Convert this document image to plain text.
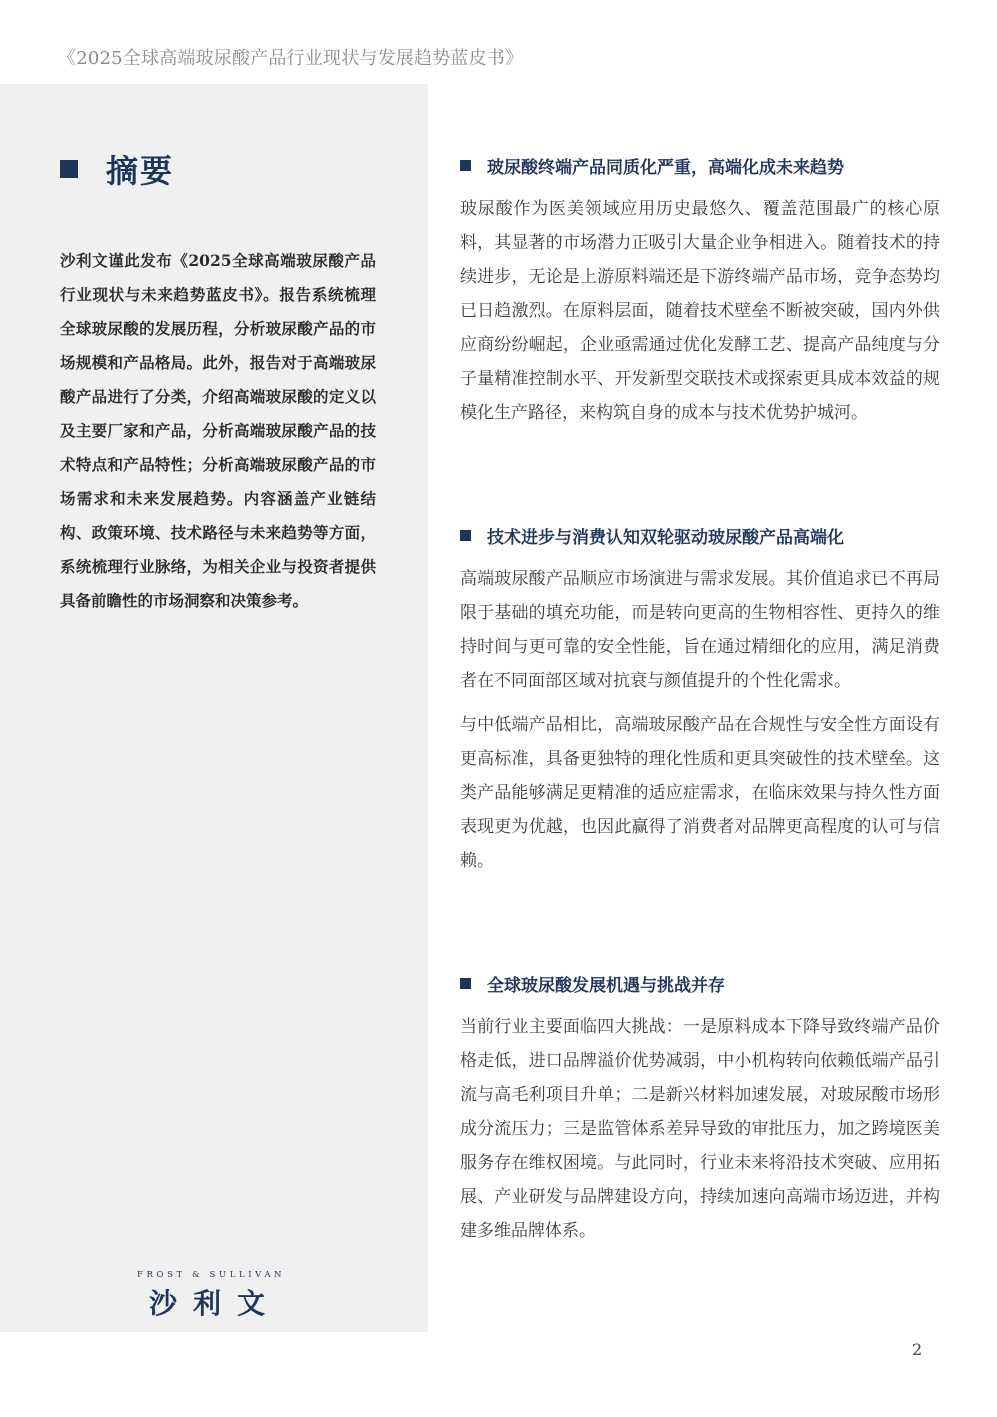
《2025全球高端玻尿酸产品行业现状与发展趋势蓝皮书》
摘要
沙利文谨此发布《2025全球高端玻尿酸产品行业现状与未来趋势蓝皮书》。报告系统梳理全球玻尿酸的发展历程，分析玻尿酸产品的市场规模和产品格局。此外，报告对于高端玻尿酸产品进行了分类，介绍高端玻尿酸的定义以及主要厂家和产品，分析高端玻尿酸产品的技术特点和产品特性；分析高端玻尿酸产品的市场需求和未来发展趋势。内容涵盖产业链结构、政策环境、技术路径与未来趋势等方面，系统梳理行业脉络，为相关企业与投资者提供具备前瞻性的市场洞察和决策参考。
FROST & SULLIVAN
沙利文
玻尿酸终端产品同质化严重，高端化成未来趋势

玻尿酸作为医美领域应用历史最悠久、覆盖范围最广的核心原料，其显著的市场潜力正吸引大量企业争相进入。随着技术的持续进步，无论是上游原料端还是下游终端产品市场，竞争态势均已日趋激烈。在原料层面，随着技术壁垒不断被突破，国内外供应商纷纷崛起，企业亟需通过优化发酵工艺、提高产品纯度与分子量精准控制水平、开发新型交联技术或探索更具成本效益的规模化生产路径，来构筑自身的成本与技术优势护城河。

技术进步与消费认知双轮驱动玻尿酸产品高端化

高端玻尿酸产品顺应市场演进与需求发展。其价值追求已不再局限于基础的填充功能，而是转向更高的生物相容性、更持久的维持时间与更可靠的安全性能，旨在通过精细化的应用，满足消费者在不同面部区域对抗衰与颜值提升的个性化需求。

与中低端产品相比，高端玻尿酸产品在合规性与安全性方面设有更高标准，具备更独特的理化性质和更具突破性的技术壁垒。这类产品能够满足更精准的适应症需求，在临床效果与持久性方面表现更为优越，也因此赢得了消费者对品牌更高程度的认可与信赖。

全球玻尿酸发展机遇与挑战并存

当前行业主要面临四大挑战：一是原料成本下降导致终端产品价格走低，进口品牌溢价优势减弱，中小机构转向依赖低端产品引流与高毛利项目升单；二是新兴材料加速发展，对玻尿酸市场形成分流压力；三是监管体系差异导致的审批压力，加之跨境医美服务存在维权困境。与此同时，行业未来将沿技术突破、应用拓展、产业研发与品牌建设方向，持续加速向高端市场迈进，并构建多维品牌体系。

2
